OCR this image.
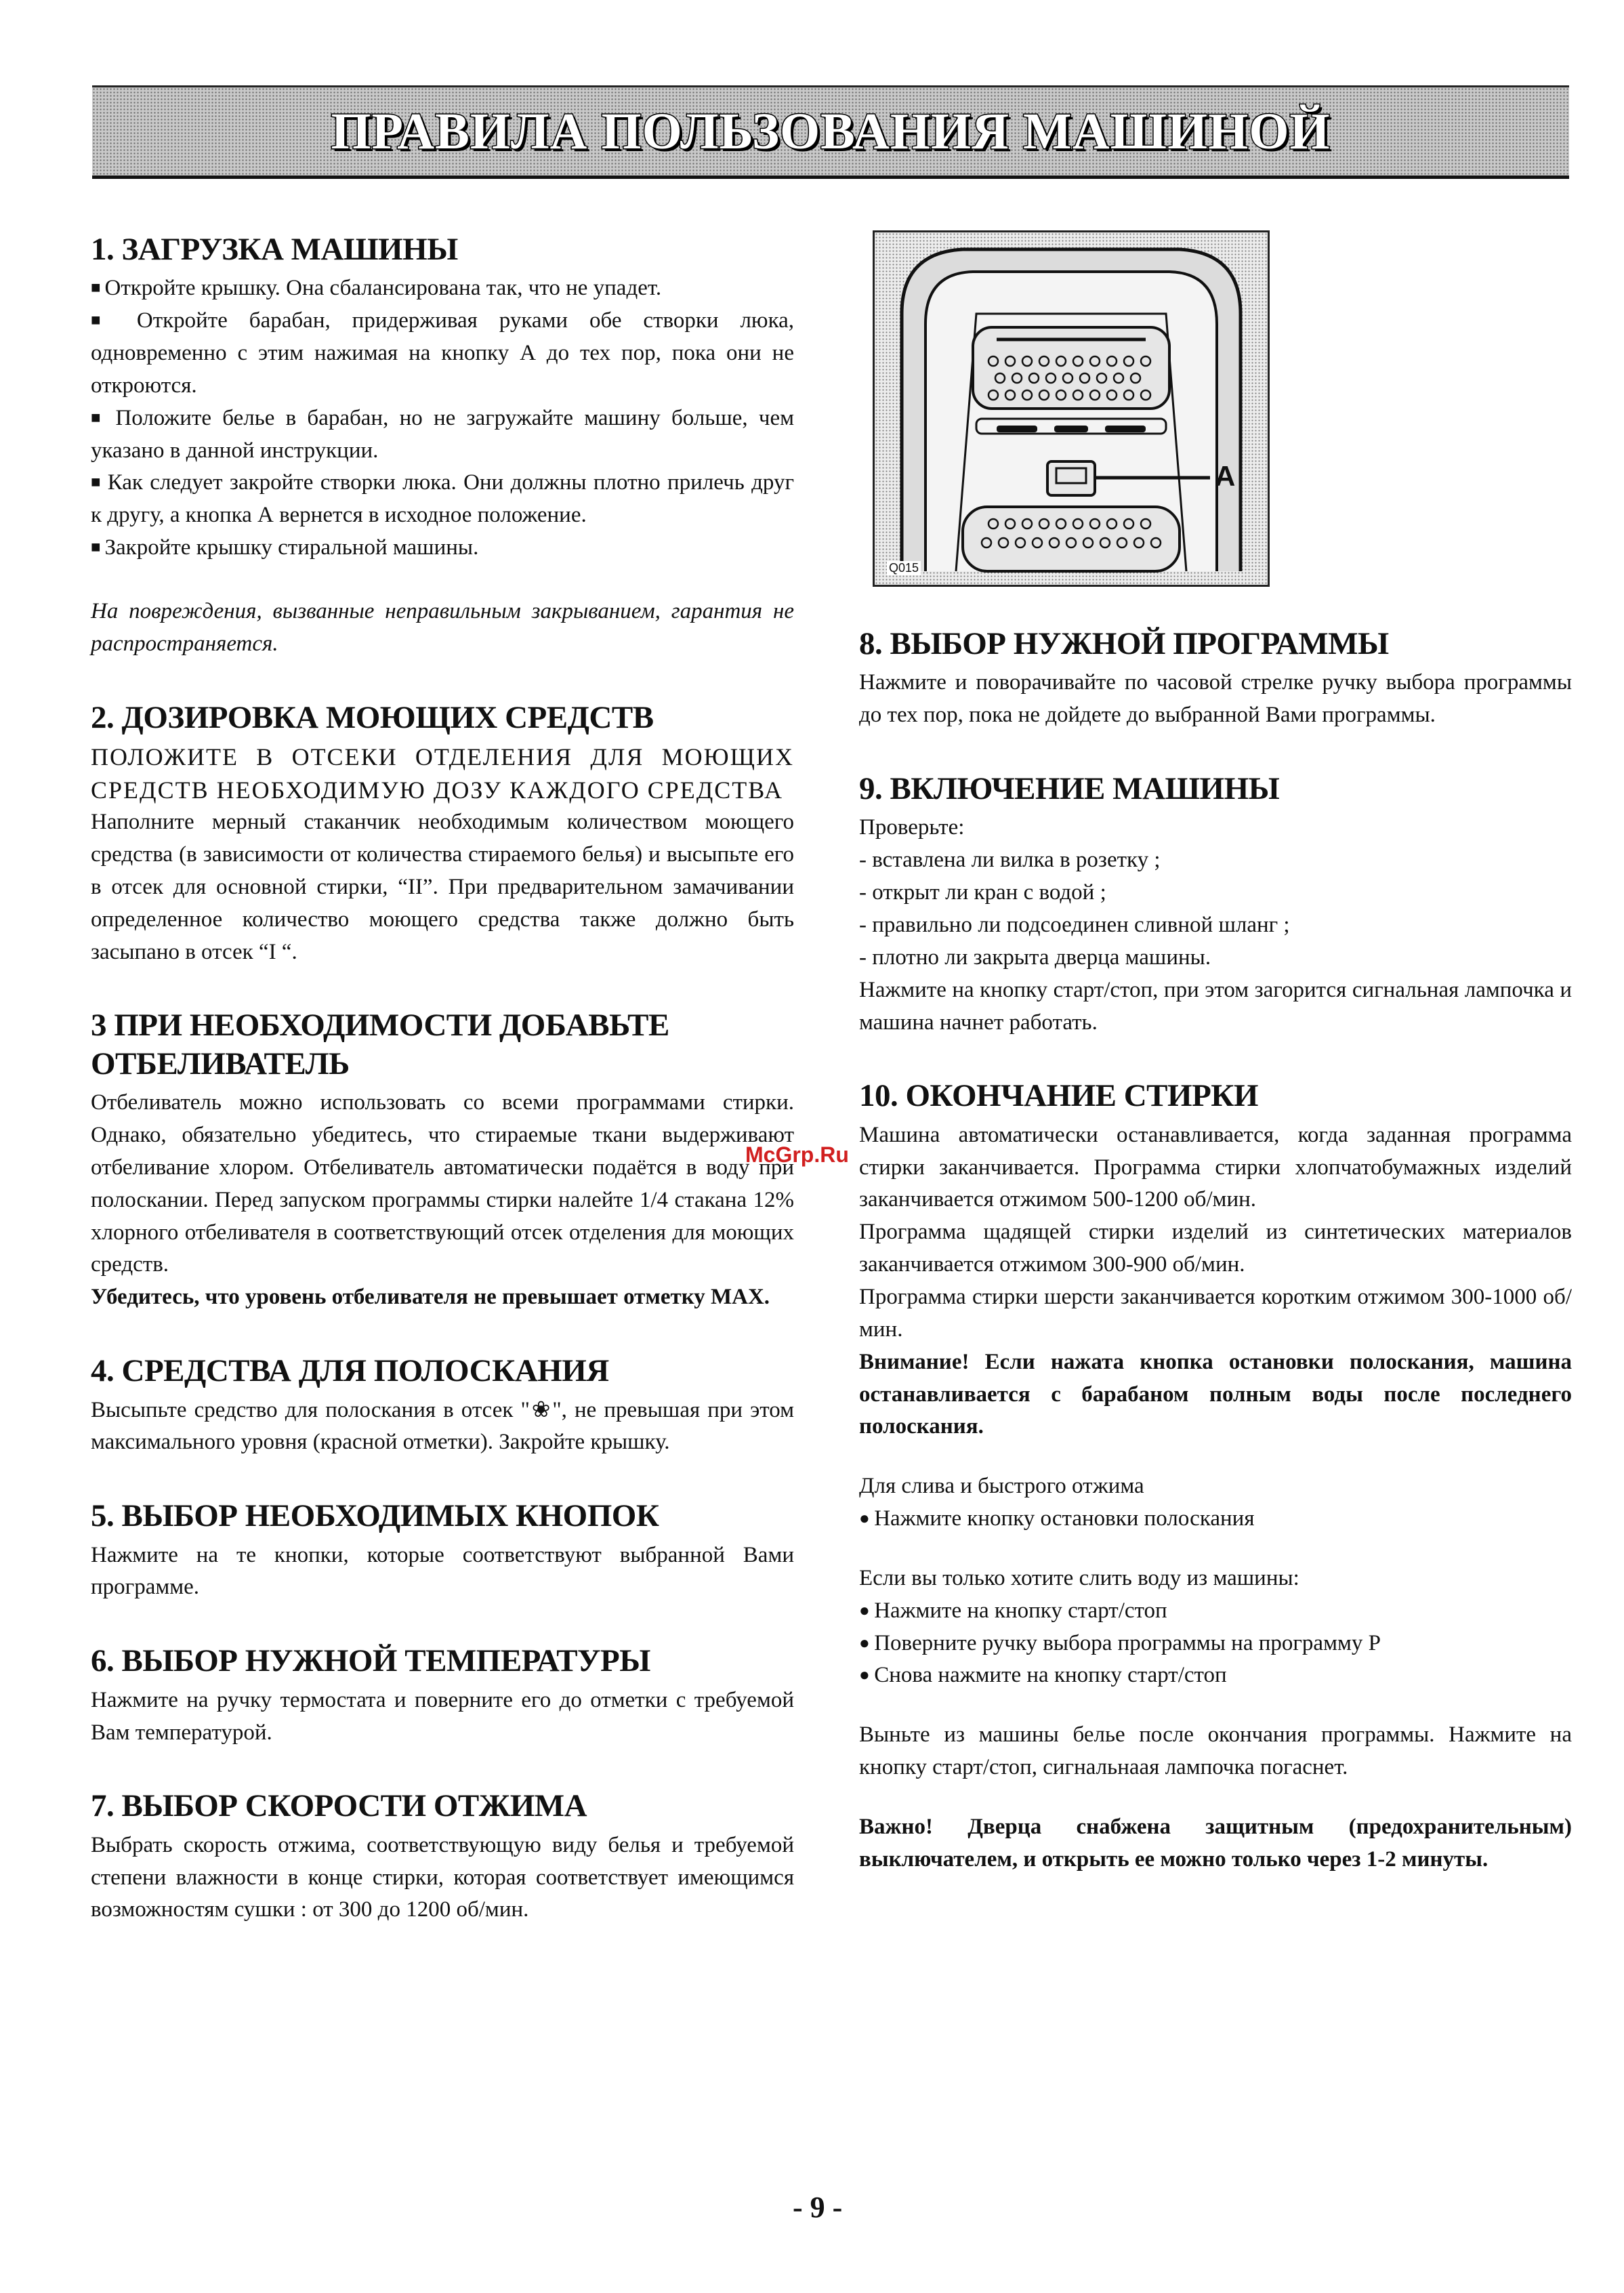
ПРАВИЛА ПОЛЬЗОВАНИЯ МАШИНОЙ
1. ЗАГРУЗКА МАШИНЫ

■ Откройте крышку. Она сбалансирована так, что не упадет.

■ Откройте барабан, придерживая руками обе створки люка, одновременно с этим нажимая на кнопку А до тех пор, пока они не откроются.

■ Положите белье в барабан, но не загружайте машину больше, чем указано в данной инструкции.

■ Как следует закройте створки люка. Они должны плотно прилечь друг к другу, а кнопка А вернется в исходное положение.

■ Закройте крышку стиральной машины.

На повреждения, вызванные неправильным закрыванием, гарантия не распространяется.

2. ДОЗИРОВКА МОЮЩИХ СРЕДСТВ

ПОЛОЖИТЕ В ОТСЕКИ ОТДЕЛЕНИЯ ДЛЯ МОЮЩИХ СРЕДСТВ НЕОБХОДИМУЮ ДОЗУ КАЖДОГО СРЕДСТВА

Наполните мерный стаканчик необходимым количеством моющего средства (в зависимости от количества стираемого белья) и высыпьте его в отсек для основной стирки, “II”. При предварительном замачивании определенное количество моющего средства также должно быть засыпано в отсек “I “.

3 ПРИ НЕОБХОДИМОСТИ ДОБАВЬТЕ ОТБЕЛИВАТЕЛЬ

Отбеливатель можно использовать со всеми программами стирки. Однако, обязательно убедитесь, что стираемые ткани выдерживают отбеливание хлором. Отбеливатель автоматически подаётся в воду при полоскании. Перед запуском программы стирки налейте 1/4 стакана 12% хлорного отбеливателя в соответствующий отсек отделения для моющих средств.

Убедитесь, что уровень отбеливателя не превышает отметку MAX.

4. СРЕДСТВА ДЛЯ ПОЛОСКАНИЯ

Высыпьте средство для полоскания в отсек "❀", не превышая при этом максимального уровня (красной отметки). Закройте крышку.

5. ВЫБОР НЕОБХОДИМЫХ КНОПОК

Нажмите на те кнопки, которые соответствуют выбранной Вами программе.

6. ВЫБОР НУЖНОЙ ТЕМПЕРАТУРЫ

Нажмите на ручку термостата и поверните его до отметки с требуемой Вам температурой.

7. ВЫБОР СКОРОСТИ ОТЖИМА

Выбрать скорость отжима, соответствующую виду белья и требуемой степени влажности в конце стирки, которая соответствует имеющимся возможностям сушки : от 300 до 1200 об/мин.

A
Q015
8. ВЫБОР НУЖНОЙ ПРОГРАММЫ

Нажмите и поворачивайте по часовой стрелке ручку выбора программы до тех пор, пока не дойдете до выбранной Вами программы.

9. ВКЛЮЧЕНИЕ МАШИНЫ

Проверьте:

- вставлена ли вилка в розетку ;

- открыт ли кран с водой ;

- правильно ли подсоединен сливной шланг ;

- плотно ли закрыта дверца машины.

Нажмите на кнопку старт/стоп, при этом загорится сигнальная лампочка и машина начнет работать.

10. ОКОНЧАНИЕ СТИРКИ

Машина автоматически останавливается, когда заданная программа стирки заканчивается. Программа стирки хлопчатобумажных изделий заканчивается отжимом 500-1200 об/мин.

Программа щадящей стирки изделий из синтетических материалов заканчивается отжимом 300-900 об/мин.

Программа стирки шерсти заканчивается коротким отжимом 300-1000 об/мин.

Внимание! Если нажата кнопка остановки полоскания, машина останавливается с барабаном полным воды после последнего полоскания.

Для слива и быстрого отжима

● Нажмите кнопку остановки полоскания

Если вы только хотите слить воду из машины:

● Нажмите на кнопку старт/стоп

● Поверните ручку выбора программы на программу Р

● Снова нажмите на кнопку старт/стоп

Выньте из машины белье после окончания программы. Нажмите на кнопку старт/стоп, сигнальнаая лампочка погаснет.

Важно! Дверца снабжена защитным (предохранительным) выключателем, и открыть ее можно только через 1-2 минуты.

McGrp.Ru
- 9 -
